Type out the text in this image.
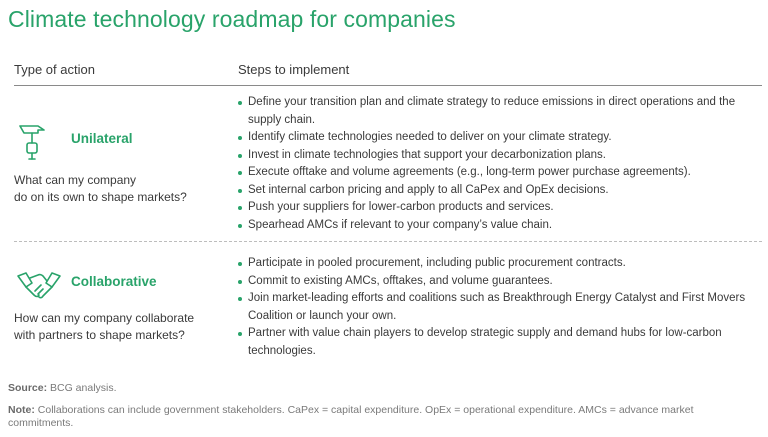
Climate technology roadmap for companies
Type of action	Steps to implement
Unilateral
What can my company
do on its own to shape markets?
Define your transition plan and climate strategy to reduce emissions in direct operations and the supply chain.
Identify climate technologies needed to deliver on your climate strategy.
Invest in climate technologies that support your decarbonization plans.
Execute offtake and volume agreements (e.g., long-term power purchase agreements).
Set internal carbon pricing and apply to all CaPex and OpEx decisions.
Push your suppliers for lower-carbon products and services.
Spearhead AMCs if relevant to your company’s value chain.
Collaborative
How can my company collaborate
with partners to shape markets?
Participate in pooled procurement, including public procurement contracts.
Commit to existing AMCs, offtakes, and volume guarantees.
Join market-leading efforts and coalitions such as Breakthrough Energy Catalyst and First Movers Coalition or launch your own.
Partner with value chain players to develop strategic supply and demand hubs for low-carbon technologies.
Source: BCG analysis.
Note: Collaborations can include government stakeholders. CaPex = capital expenditure. OpEx = operational expenditure. AMCs = advance market commitments.
